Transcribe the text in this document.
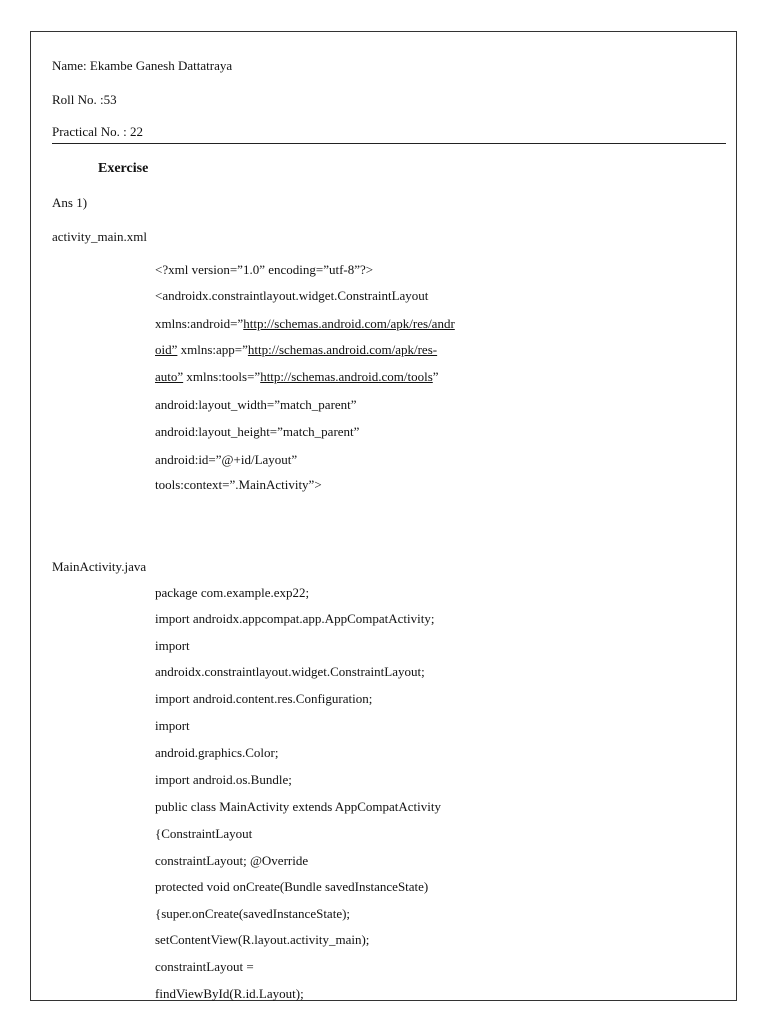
Name: Ekambe Ganesh Dattatraya
Roll No. :53
Practical No. : 22
Exercise
Ans 1)
activity_main.xml
<?xml version=”1.0” encoding=”utf-8”?>
<androidx.constraintlayout.widget.ConstraintLayout
xmlns:android=”http://schemas.android.com/apk/res/andr
oid” xmlns:app=”http://schemas.android.com/apk/res-
auto” xmlns:tools=”http://schemas.android.com/tools”
android:layout_width=”match_parent”
android:layout_height=”match_parent”
android:id=”@+id/Layout”
tools:context=”.MainActivity”>
MainActivity.java
package com.example.exp22;
import androidx.appcompat.app.AppCompatActivity;
import
androidx.constraintlayout.widget.ConstraintLayout;
import android.content.res.Configuration;
import
android.graphics.Color;
import android.os.Bundle;
public class MainActivity extends AppCompatActivity
{ConstraintLayout
constraintLayout; @Override
protected void onCreate(Bundle savedInstanceState)
{super.onCreate(savedInstanceState);
setContentView(R.layout.activity_main);
constraintLayout =
findViewById(R.id.Layout);
